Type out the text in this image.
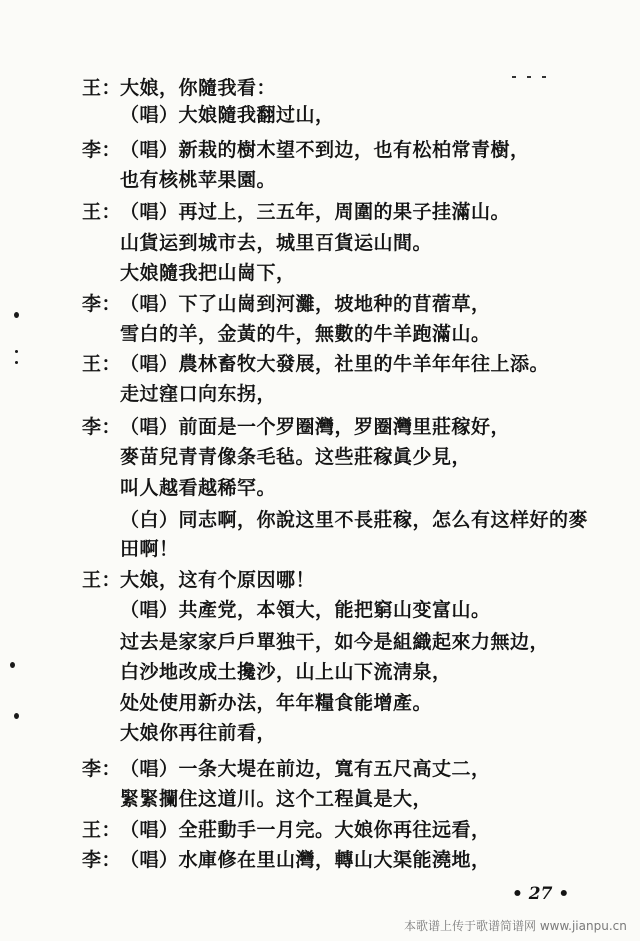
王：大娘，你隨我看：
（唱）大娘隨我翻过山，
李：（唱）新栽的樹木望不到边，也有松柏常青樹，
也有核桃苹果園。
王：（唱）再过上，三五年，周圍的果子挂滿山。
山貨运到城市去，城里百貨运山間。
大娘隨我把山崗下，
李：（唱）下了山崗到河灘，坡地种的苜蓿草，
雪白的羊，金黃的牛，無數的牛羊跑滿山。
王：（唱）農林畜牧大發展，社里的牛羊年年往上添。
走过窪口向东拐，
李：（唱）前面是一个罗圈灣，罗圈灣里莊稼好，
麥苗兒青青像条毛毡。这些莊稼眞少見，
叫人越看越稀罕。
（白）同志啊，你說这里不長莊稼，怎么有这样好的麥
田啊！
王：大娘，这有个原因哪！
（唱）共產党，本領大，能把窮山变富山。
过去是家家戶戶單独干，如今是組織起來力無边，
白沙地改成土攙沙，山上山下流淸泉，
处处使用新办法，年年糧食能增產。
大娘你再往前看，
李：（唱）一条大堤在前边，寬有五尺高丈二，
緊緊攔住这道川。这个工程眞是大，
王：（唱）全莊動手一月完。大娘你再往远看，
李：（唱）水庫修在里山灣，轉山大渠能澆地，
• 27 •
本歌谱上传于歌谱简谱网 www.jianpu.cn
